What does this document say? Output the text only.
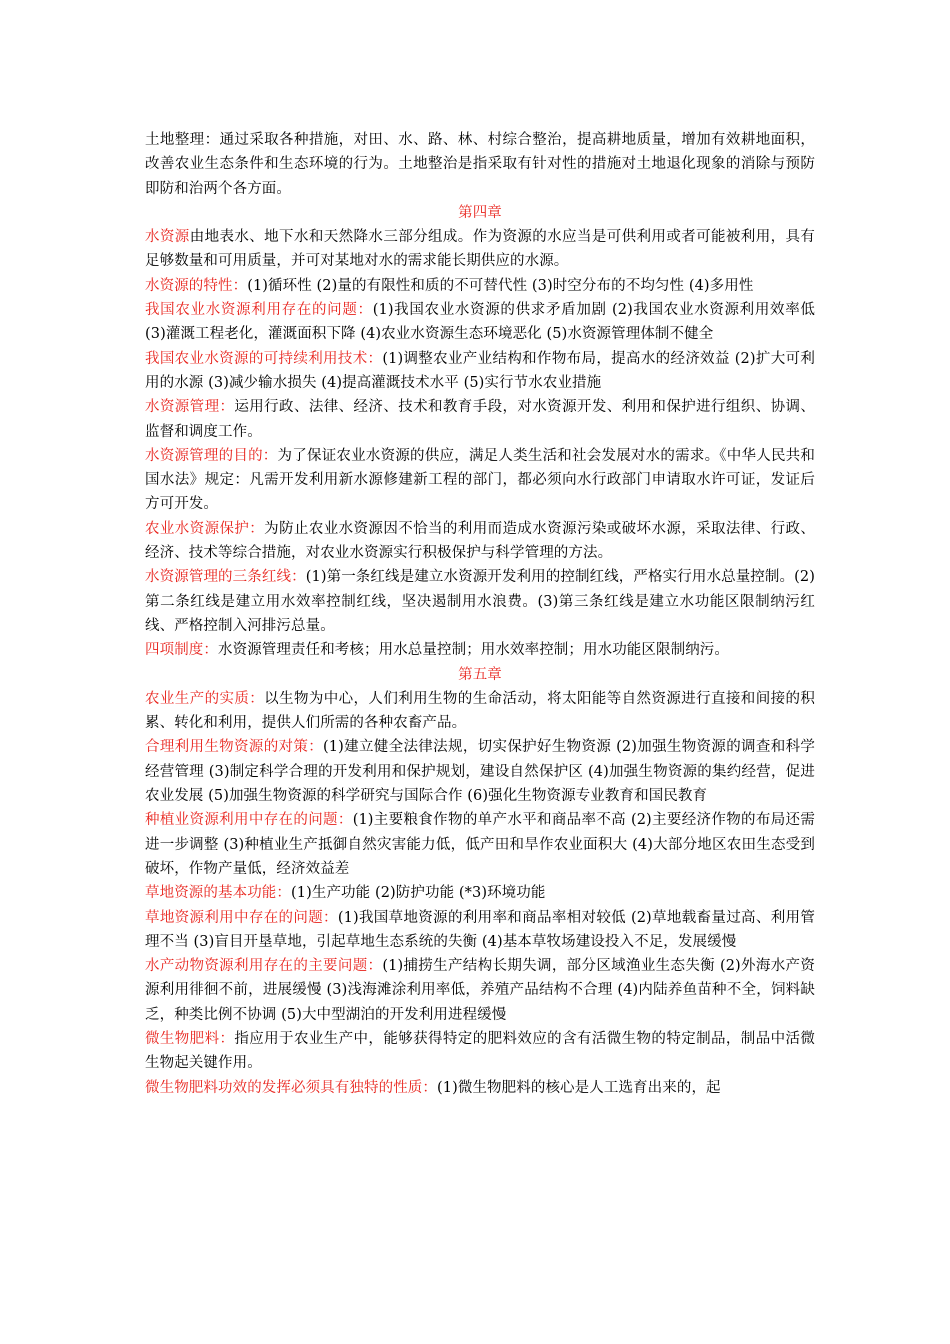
土地整理：通过采取各种措施，对田、水、路、林、村综合整治，提高耕地质量，增加有效耕地面积，改善农业生态条件和生态环境的行为。土地整治是指采取有针对性的措施对土地退化现象的消除与预防即防和治两个各方面。

第四章

水资源由地表水、地下水和天然降水三部分组成。作为资源的水应当是可供利用或者可能被利用，具有足够数量和可用质量，并可对某地对水的需求能长期供应的水源。

水资源的特性：(1)循环性 (2)量的有限性和质的不可替代性 (3)时空分布的不均匀性 (4)多用性

我国农业水资源利用存在的问题：(1)我国农业水资源的供求矛盾加剧 (2)我国农业水资源利用效率低 (3)灌溉工程老化，灌溉面积下降 (4)农业水资源生态环境恶化 (5)水资源管理体制不健全

我国农业水资源的可持续利用技术：(1)调整农业产业结构和作物布局，提高水的经济效益 (2)扩大可利用的水源 (3)减少输水损失 (4)提高灌溉技术水平 (5)实行节水农业措施

水资源管理：运用行政、法律、经济、技术和教育手段，对水资源开发、利用和保护进行组织、协调、监督和调度工作。

水资源管理的目的：为了保证农业水资源的供应，满足人类生活和社会发展对水的需求。《中华人民共和国水法》规定：凡需开发利用新水源修建新工程的部门，都必须向水行政部门申请取水许可证，发证后方可开发。

农业水资源保护：为防止农业水资源因不恰当的利用而造成水资源污染或破坏水源，采取法律、行政、经济、技术等综合措施，对农业水资源实行积极保护与科学管理的方法。

水资源管理的三条红线：(1)第一条红线是建立水资源开发利用的控制红线，严格实行用水总量控制。(2)第二条红线是建立用水效率控制红线，坚决遏制用水浪费。(3)第三条红线是建立水功能区限制纳污红线、严格控制入河排污总量。

四项制度：水资源管理责任和考核；用水总量控制；用水效率控制；用水功能区限制纳污。

第五章

农业生产的实质：以生物为中心，人们利用生物的生命活动，将太阳能等自然资源进行直接和间接的积累、转化和利用，提供人们所需的各种农畜产品。

合理利用生物资源的对策：(1)建立健全法律法规，切实保护好生物资源 (2)加强生物资源的调查和科学经营管理 (3)制定科学合理的开发利用和保护规划，建设自然保护区 (4)加强生物资源的集约经营，促进农业发展 (5)加强生物资源的科学研究与国际合作 (6)强化生物资源专业教育和国民教育

种植业资源利用中存在的问题：(1)主要粮食作物的单产水平和商品率不高 (2)主要经济作物的布局还需进一步调整 (3)种植业生产抵御自然灾害能力低，低产田和旱作农业面积大 (4)大部分地区农田生态受到破坏，作物产量低，经济效益差

草地资源的基本功能：(1)生产功能 (2)防护功能 (*3)环境功能

草地资源利用中存在的问题：(1)我国草地资源的利用率和商品率相对较低 (2)草地载畜量过高、利用管理不当 (3)盲目开垦草地，引起草地生态系统的失衡 (4)基本草牧场建设投入不足，发展缓慢

水产动物资源利用存在的主要问题：(1)捕捞生产结构长期失调，部分区域渔业生态失衡 (2)外海水产资源利用徘徊不前，进展缓慢 (3)浅海滩涂利用率低，养殖产品结构不合理 (4)内陆养鱼苗种不全，饲料缺乏，种类比例不协调 (5)大中型湖泊的开发利用进程缓慢

微生物肥料：指应用于农业生产中，能够获得特定的肥料效应的含有活微生物的特定制品，制品中活微生物起关键作用。

微生物肥料功效的发挥必须具有独特的性质：(1)微生物肥料的核心是人工选育出来的，起
